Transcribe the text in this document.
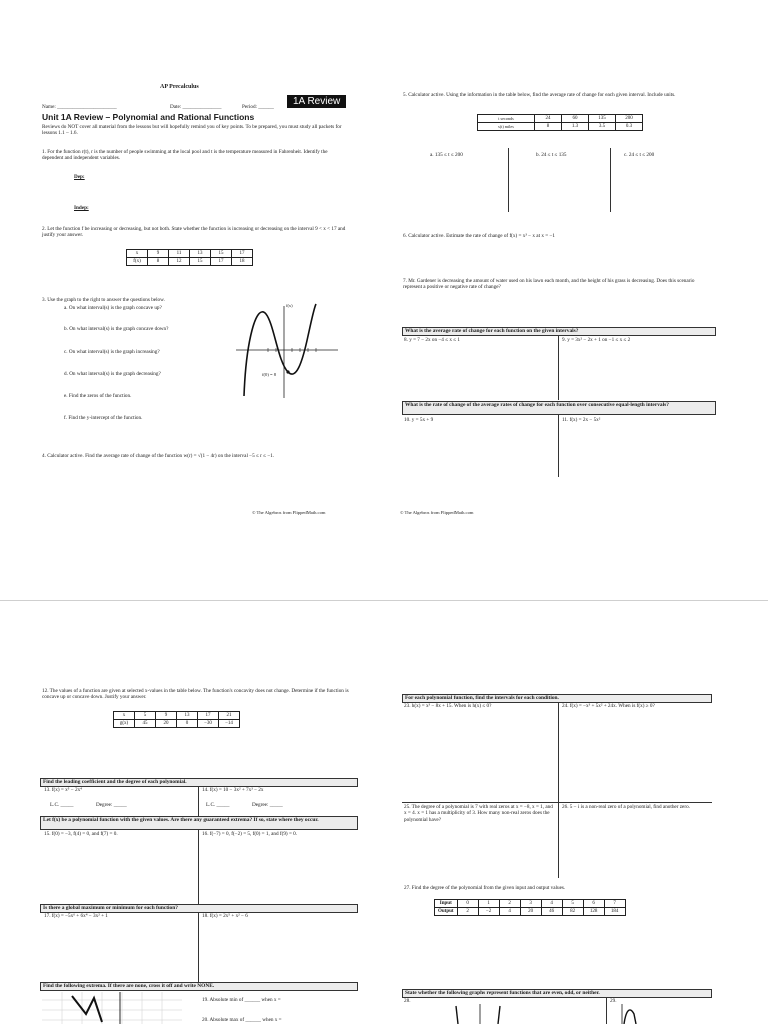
AP Precalculus
Name: _______________________	Date: _______________	Period: ______	1A Review
Unit 1A Review – Polynomial and Rational Functions
Reviews do NOT cover all material from the lessons but will hopefully remind you of key points. To be prepared, you must study all packets for lessons 1.1 – 1.6.
1. For the function r(t), r is the number of people swimming at the local pool and t is the temperature measured in Fahrenheit. Identify the dependent and independent variables.
Dep:
Indep:
2. Let the function f be increasing or decreasing, but not both. State whether the function is increasing or decreasing on the interval 9 < x < 17 and justify your answer.
x	9	11	13	15	17
f(x)	8	12	15	17	18
3. Use the graph to the right to answer the questions below.
a. On what interval(s) is the graph concave up?
b. On what interval(s) is the graph concave down?
c. On what interval(s) is the graph increasing?
d. On what interval(s) is the graph decreasing?
e. Find the zeros of the function.
f. Find the y-intercept of the function.
f(x)
f(0) = 8
4. Calculator active. Find the average rate of change of the function w(r) = √(1 − 4r) on the interval −5 ≤ r ≤ −1.
© The Algebros from FlippedMath.com
5. Calculator active. Using the information in the table below, find the average rate of change for each given interval. Include units.
t seconds	24	60	135	200
s(t) miles	8	1.3	3.5	0.3
a. 135 ≤ t ≤ 200	b. 24 ≤ t ≤ 135	c. 24 ≤ t ≤ 200
6. Calculator active. Estimate the rate of change of f(x) = x³ − x at x = −1
7. Mr. Gardener is decreasing the amount of water used on his lawn each month, and the height of his grass is decreasing. Does this scenario represent a positive or negative rate of change?
What is the average rate of change for each function on the given intervals?
8. y = 7 − 2x on −4 ≤ x ≤ 1	9. y = 3x² − 2x + 1 on −1 ≤ x ≤ 2
What is the rate of change of the average rates of change for each function over consecutive equal-length intervals?
10. y = 5x + 9	11. f(x) = 2x − 5x²
© The Algebros from FlippedMath.com
12. The values of a function are given at selected x-values in the table below. The function's concavity does not change. Determine if the function is concave up or concave down. Justify your answer.
x	5	9	13	17	21
g(x)	45	20	0	−30	−14
Find the leading coefficient and the degree of each polynomial.
13. f(x) = x⁵ − 2x⁴	14. f(x) = 10 − 3x² + 7x³ − 2x
L.C. _____	Degree: _____	L.C. _____	Degree: _____
Let f(x) be a polynomial function with the given values. Are there any guaranteed extrema? If so, state where they occur.
15. f(0) = −3, f(4) = 0, and f(7) = 0.	16. f(−7) = 0, f(−2) = 5, f(0) = 1, and f(9) = 0.
Is there a global maximum or minimum for each function?
17. f(x) = −5x⁶ + 6x⁴ − 3x² + 1	18. f(x) = 2x⁵ + x² − 6
Find the following extrema. If there are none, cross it off and write NONE.
19. Absolute min of ______ when x =
20. Absolute max of ______ when x =
For each polynomial function, find the intervals for each condition.
23. h(x) = x³ − 8x + 15. When is h(x) ≤ 0?	24. f(x) = −x³ + 5x² + 24x. When is f(x) ≥ 0?
25. The degree of a polynomial is 7 with real zeros at x = −8, x = 1, and x = 4. x = 1 has a multiplicity of 3. How many non-real zeros does the polynomial have?
26. 5 − i is a non-real zero of a polynomial, find another zero.
27. Find the degree of the polynomial from the given input and output values.
Input	0	1	2	3	4	5	6	7
Output	2	−2	4	20	46	82	128	184
State whether the following graphs represent functions that are even, odd, or neither.
28.	29.
